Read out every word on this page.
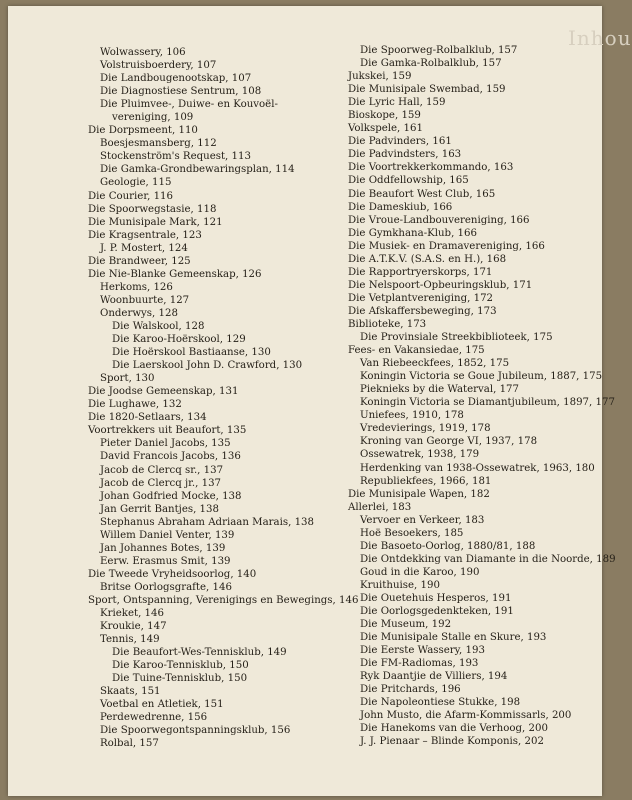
Inhou
Wolwassery, 106
Volstruisboerdery, 107
Die Landbougenootskap, 107
Die Diagnostiese Sentrum, 108
Die Pluimvee-, Duiwe- en Kouvoël-
vereniging, 109
Die Dorpsmeent, 110
Boesjesmansberg, 112
Stockenström's Request, 113
Die Gamka-Grondbewaringsplan, 114
Geologie, 115
Die Courier, 116
Die Spoorwegstasie, 118
Die Munisipale Mark, 121
Die Kragsentrale, 123
J. P. Mostert, 124
Die Brandweer, 125
Die Nie-Blanke Gemeenskap, 126
Herkoms, 126
Woonbuurte, 127
Onderwys, 128
Die Walskool, 128
Die Karoo-Hoërskool, 129
Die Hoërskool Bastiaanse, 130
Die Laerskool John D. Crawford, 130
Sport, 130
Die Joodse Gemeenskap, 131
Die Lughawe, 132
Die 1820-Setlaars, 134
Voortrekkers uit Beaufort, 135
Pieter Daniel Jacobs, 135
David Francois Jacobs, 136
Jacob de Clercq sr., 137
Jacob de Clercq jr., 137
Johan Godfried Mocke, 138
Jan Gerrit Bantjes, 138
Stephanus Abraham Adriaan Marais, 138
Willem Daniel Venter, 139
Jan Johannes Botes, 139
Eerw. Erasmus Smit, 139
Die Tweede Vryheidsoorlog, 140
Britse Oorlogsgrafte, 146
Sport, Ontspanning, Verenigings en Bewegings, 146
Krieket, 146
Kroukie, 147
Tennis, 149
Die Beaufort-Wes-Tennisklub, 149
Die Karoo-Tennisklub, 150
Die Tuine-Tennisklub, 150
Skaats, 151
Voetbal en Atletiek, 151
Perdewedrenne, 156
Die Spoorwegontspanningsklub, 156
Rolbal, 157
Die Spoorweg-Rolbalklub, 157
Die Gamka-Rolbalklub, 157
Jukskei, 159
Die Munisipale Swembad, 159
Die Lyric Hall, 159
Bioskope, 159
Volkspele, 161
Die Padvinders, 161
Die Padvindsters, 163
Die Voortrekkerkommando, 163
Die Oddfellowship, 165
Die Beaufort West Club, 165
Die Dameskiub, 166
Die Vroue-Landbouvereniging, 166
Die Gymkhana-Klub, 166
Die Musiek- en Dramavereniging, 166
Die A.T.K.V. (S.A.S. en H.), 168
Die Rapportryerskorps, 171
Die Nelspoort-Opbeuringsklub, 171
Die Vetplantvereniging, 172
Die Afskaffersbeweging, 173
Biblioteke, 173
Die Provinsiale Streekbiblioteek, 175
Fees- en Vakansiedae, 175
Van Riebeeckfees, 1852, 175
Koningin Victoria se Goue Jubileum, 1887, 175
Pieknieks by die Waterval, 177
Koningin Victoria se Diamantjubileum, 1897, 177
Uniefees, 1910, 178
Vredevierings, 1919, 178
Kroning van George VI, 1937, 178
Ossewatrek, 1938, 179
Herdenking van 1938-Ossewatrek, 1963, 180
Republiekfees, 1966, 181
Die Munisipale Wapen, 182
Allerlei, 183
Vervoer en Verkeer, 183
Hoë Besoekers, 185
Die Basoeto-Oorlog, 1880/81, 188
Die Ontdekking van Diamante in die Noorde, 189
Goud in die Karoo, 190
Kruithuise, 190
Die Ouetehuis Hesperos, 191
Die Oorlogsgedenkteken, 191
Die Museum, 192
Die Munisipale Stalle en Skure, 193
Die Eerste Wassery, 193
Die FM-Radiomas, 193
Ryk Daantjie de Villiers, 194
Die Pritchards, 196
Die Napoleontiese Stukke, 198
John Musto, die Afarm-Kommissarls, 200
Die Hanekoms van die Verhoog, 200
J. J. Pienaar – Blinde Komponis, 202
